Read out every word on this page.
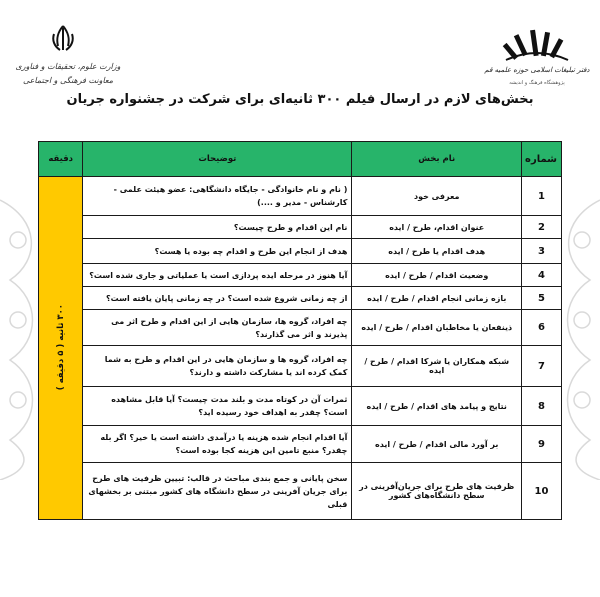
وزارت علوم، تحقیقات و فناوری
معاونت فرهنگی و اجتماعی
دفتر تبلیغات اسلامی حوزه علمیه قم
پژوهشگاه فرهنگ و اندیشه
بخش‌های لازم در ارسال فیلم ۳۰۰ ثانیه‌ای برای شرکت در جشنواره جریان
شماره	نام بخش	توضیحات	دقیقه
1	معرفی خود	( نام و نام خانوادگی - جایگاه دانشگاهی: عضو هیئت علمی - کارشناس - مدیر و ....)	۳۰۰ ثانیه ( ۵ دقیقه )
2	عنوان اقدام، طرح / ایده	نام این اقدام و طرح چیست؟	
3	هدف اقدام یا طرح / ایده	هدف از انجام این طرح و اقدام چه بوده یا هست؟	
4	وضعیت اقدام / طرح / ایده	آیا هنوز در مرحله ایده پردازی است یا عملیاتی و جاری شده است؟	
5	بازه زمانی انجام اقدام / طرح / ایده	از چه زمانی شروع شده است؟ در چه زمانی پایان یافته است؟	
6	ذینفعان یا مخاطبان اقدام / طرح / ایده	چه افراد، گروه ها، سازمان هایی از این اقدام و طرح اثر می پذیرند و اثر می گذارند؟	
7	شبکه همکاران یا شرکا اقدام / طرح / ایده	چه افراد، گروه ها و سازمان هایی در این اقدام و طرح به شما کمک کرده اند یا مشارکت داشته و دارند؟	
8	نتایج و پیامد های اقدام / طرح / ایده	ثمرات آن در کوتاه مدت و بلند مدت چیست؟ آیا قابل مشاهده است؟ چقدر به اهداف خود رسیده اید؟	
9	بر آورد مالی اقدام / طرح / ایده	آیا اقدام انجام شده هزینه یا درآمدی داشته است یا خیر؟ اگر بله چقدر؟ منبع تامین این هزینه کجا بوده است؟	
10	ظرفیت های طرح برای جریان‌آفرینی در سطح دانشگاه‌های کشور	سخن پایانی و جمع بندی مباحث در قالب: تبیین ظرفیت های طرح برای جریان آفرینی در سطح دانشگاه های کشور مبتنی بر بخشهای قبلی	
